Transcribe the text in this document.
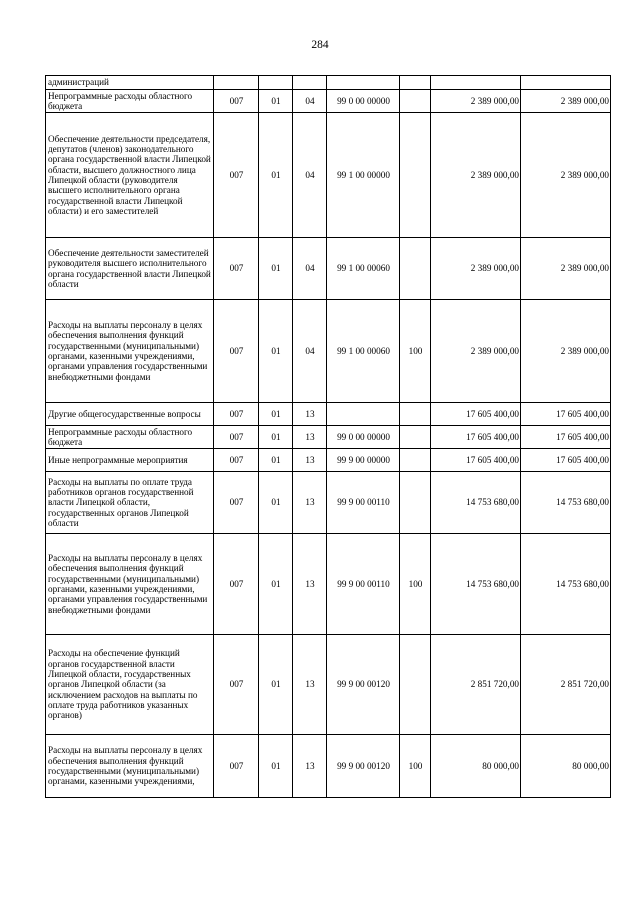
284
администраций							
Непрограммные расходы областного бюджета	007	01	04	99 0 00 00000		2 389 000,00	2 389 000,00
Обеспечение деятельности председателя, депутатов (членов) законодательного органа государственной власти Липецкой области, высшего должностного лица Липецкой области (руководителя высшего исполнительного органа государственной власти Липецкой области) и его заместителей	007	01	04	99 1 00 00000		2 389 000,00	2 389 000,00
Обеспечение деятельности заместителей руководителя высшего исполнительного органа государственной власти Липецкой области	007	01	04	99 1 00 00060		2 389 000,00	2 389 000,00
Расходы на выплаты персоналу в целях обеспечения выполнения функций государственными (муниципальными) органами, казенными учреждениями, органами управления государственными внебюджетными фондами	007	01	04	99 1 00 00060	100	2 389 000,00	2 389 000,00
Другие общегосударственные вопросы	007	01	13			17 605 400,00	17 605 400,00
Непрограммные расходы областного бюджета	007	01	13	99 0 00 00000		17 605 400,00	17 605 400,00
Иные непрограммные мероприятия	007	01	13	99 9 00 00000		17 605 400,00	17 605 400,00
Расходы на выплаты по оплате труда работников органов государственной власти Липецкой области, государственных органов Липецкой области	007	01	13	99 9 00 00110		14 753 680,00	14 753 680,00
Расходы на выплаты персоналу в целях обеспечения выполнения функций государственными (муниципальными) органами, казенными учреждениями, органами управления государственными внебюджетными фондами	007	01	13	99 9 00 00110	100	14 753 680,00	14 753 680,00
Расходы на обеспечение функций органов государственной власти Липецкой области, государственных органов Липецкой области (за исключением расходов на выплаты по оплате труда работников указанных органов)	007	01	13	99 9 00 00120		2 851 720,00	2 851 720,00
Расходы на выплаты персоналу в целях обеспечения выполнения функций государственными (муниципальными) органами, казенными учреждениями,	007	01	13	99 9 00 00120	100	80 000,00	80 000,00
